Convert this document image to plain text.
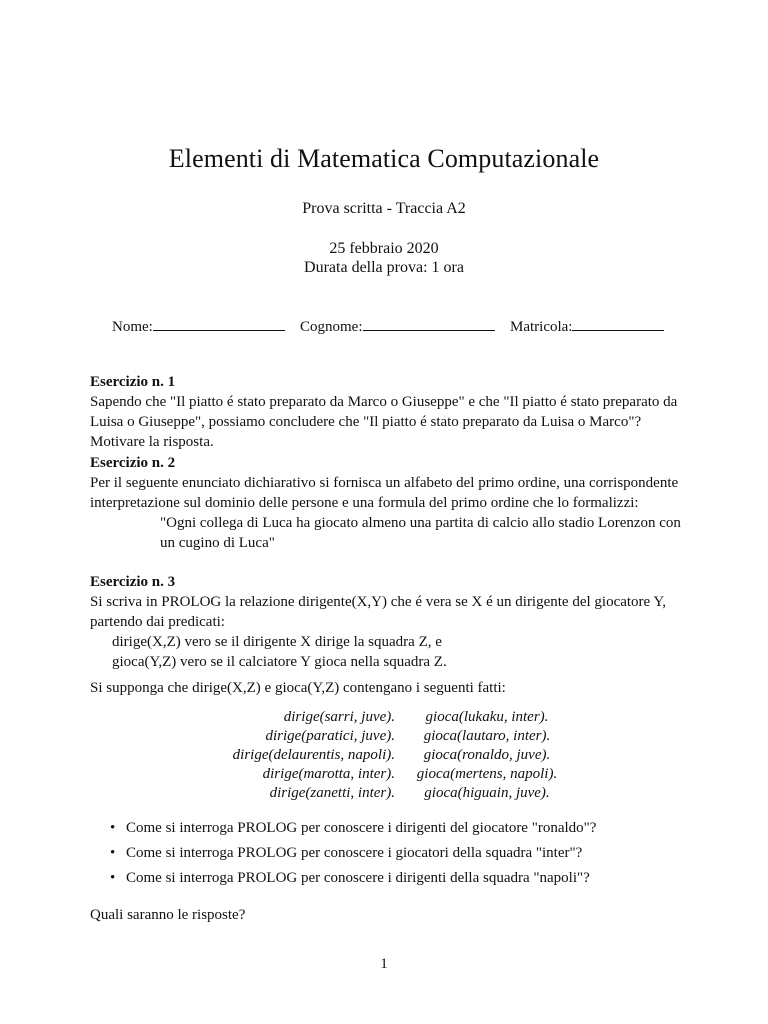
Elementi di Matematica Computazionale
Prova scritta - Traccia A2
25 febbraio 2020
Durata della prova: 1 ora
Nome:	Cognome:	Matricola:
Esercizio n. 1
Sapendo che "Il piatto é stato preparato da Marco o Giuseppe" e che "Il piatto é stato preparato da Luisa o Giuseppe", possiamo concludere che "Il piatto é stato preparato da Luisa o Marco"? Motivare la risposta.
Esercizio n. 2
Per il seguente enunciato dichiarativo si fornisca un alfabeto del primo ordine, una corrispondente interpretazione sul dominio delle persone e una formula del primo ordine che lo formalizzi:
"Ogni collega di Luca ha giocato almeno una partita di calcio allo stadio Lorenzon con un cugino di Luca"
Esercizio n. 3
Si scriva in PROLOG la relazione dirigente(X,Y) che é vera se X é un dirigente del giocatore Y, partendo dai predicati:
dirige(X,Z) vero se il dirigente X dirige la squadra Z, e
gioca(Y,Z) vero se il calciatore Y gioca nella squadra Z.
Si supponga che dirige(X,Z) e gioca(Y,Z) contengano i seguenti fatti:
dirige(sarri, juve).	gioca(lukaku, inter).
dirige(paratici, juve).	gioca(lautaro, inter).
dirige(delaurentis, napoli).	gioca(ronaldo, juve).
dirige(marotta, inter).	gioca(mertens, napoli).
dirige(zanetti, inter).	gioca(higuain, juve).
• Come si interroga PROLOG per conoscere i dirigenti del giocatore "ronaldo"?
• Come si interroga PROLOG per conoscere i giocatori della squadra "inter"?
• Come si interroga PROLOG per conoscere i dirigenti della squadra "napoli"?
Quali saranno le risposte?
1
